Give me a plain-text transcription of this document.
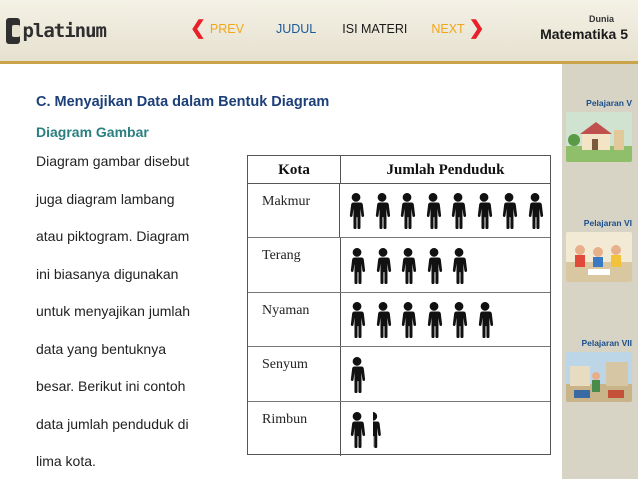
platinum	❮ PREV	JUDUL ISI MATERI NEXT ❯	Dunia
Matematika 5
C. Menyajikan Data dalam Bentuk Diagram
Diagram Gambar
Diagram gambar disebut
juga diagram lambang
atau piktogram. Diagram
ini biasanya digunakan
untuk menyajikan jumlah
data yang bentuknya
besar. Berikut ini contoh
data jumlah penduduk di
lima kota.
Kota	Jumlah Penduduk
Makmur
Terang
Nyaman
Senyum
Rimbun
Pelajaran V
Pelajaran VI
Pelajaran VII
